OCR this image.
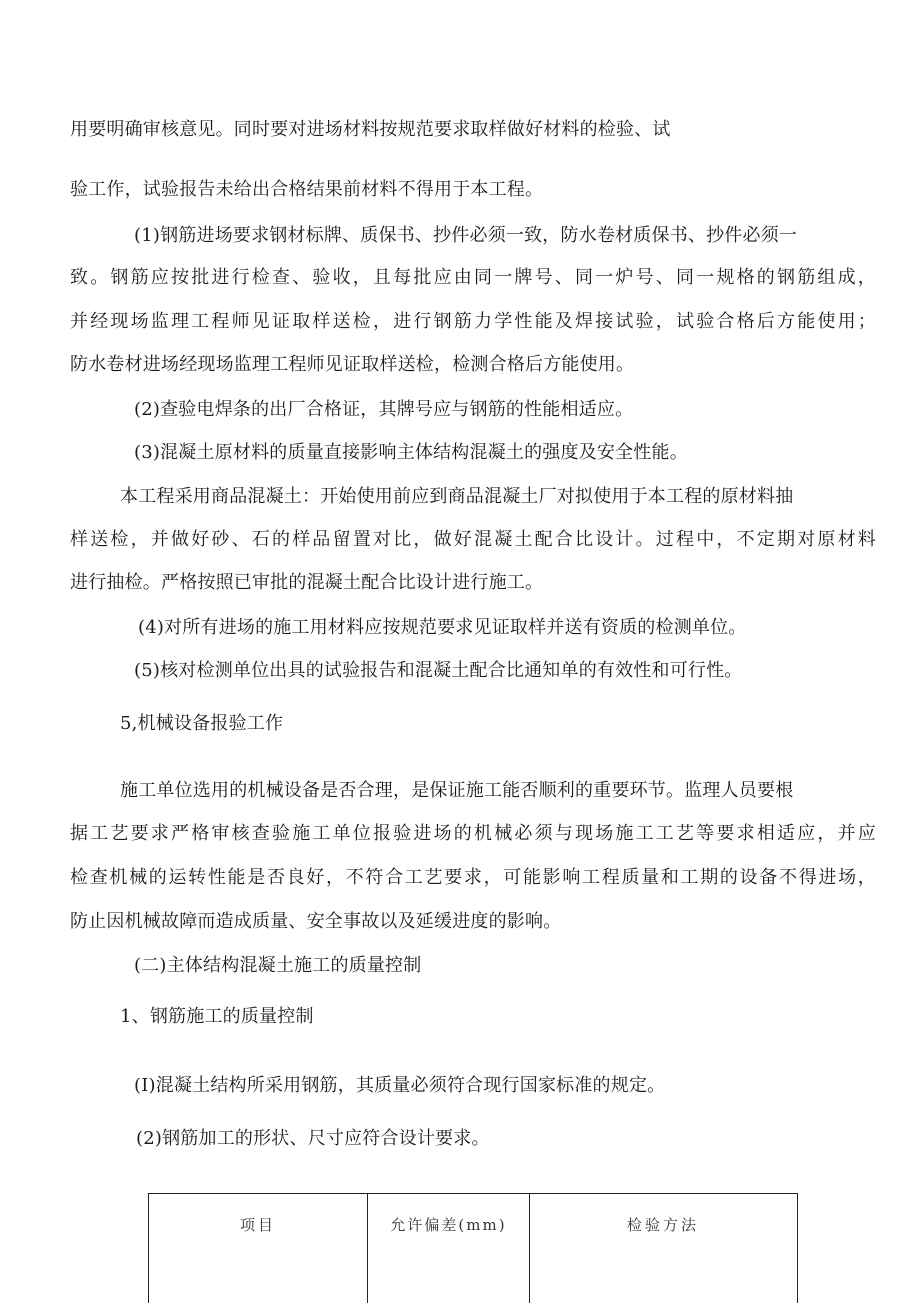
用要明确审核意见。同时要对进场材料按规范要求取样做好材料的检验、试
验工作，试验报告未给出合格结果前材料不得用于本工程。
(1)钢筋进场要求钢材标牌、质保书、抄件必须一致，防水卷材质保书、抄件必须一
致。钢筋应按批进行检查、验收，且每批应由同一牌号、同一炉号、同一规格的钢筋组成，
并经现场监理工程师见证取样送检，进行钢筋力学性能及焊接试验，试验合格后方能使用；
防水卷材进场经现场监理工程师见证取样送检，检测合格后方能使用。
(2)查验电焊条的出厂合格证，其牌号应与钢筋的性能相适应。
(3)混凝土原材料的质量直接影响主体结构混凝土的强度及安全性能。
本工程采用商品混凝土：开始使用前应到商品混凝土厂对拟使用于本工程的原材料抽
样送检，并做好砂、石的样品留置对比，做好混凝土配合比设计。过程中，不定期对原材料
进行抽检。严格按照已审批的混凝土配合比设计进行施工。
(4)对所有进场的施工用材料应按规范要求见证取样并送有资质的检测单位。
(5)核对检测单位出具的试验报告和混凝土配合比通知单的有效性和可行性。
5,机械设备报验工作
施工单位选用的机械设备是否合理，是保证施工能否顺利的重要环节。监理人员要根
据工艺要求严格审核查验施工单位报验进场的机械必须与现场施工工艺等要求相适应，并应
检查机械的运转性能是否良好，不符合工艺要求，可能影响工程质量和工期的设备不得进场，
防止因机械故障而造成质量、安全事故以及延缓进度的影响。
(二)主体结构混凝土施工的质量控制
1、钢筋施工的质量控制
(I)混凝土结构所采用钢筋，其质量必须符合现行国家标准的规定。
(2)钢筋加工的形状、尺寸应符合设计要求。
项目	允许偏差(mm)	检验方法
